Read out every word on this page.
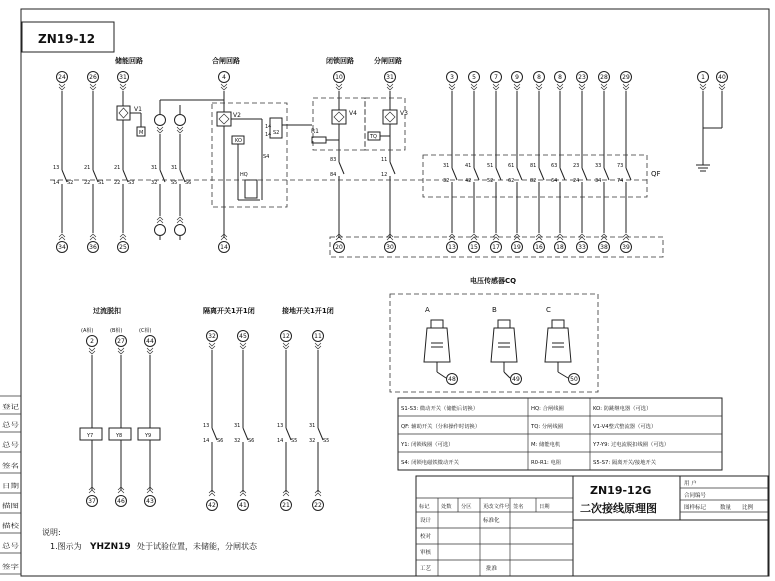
ZN19-12
登记
总号
总号
签名
日期
描图
描校
总号
签字
储能回路	合闸回路	闭锁回路	分闸回路
过流脱扣	隔离开关1开1闭	接地开关1开1闭
电压传感器CQ
24
13
14 S2
34
26
21
22 S1
36
31
21
22 S3
25
V1
M
31
32
31
S5 S6
4
V2
14
KO
HQ
14
14 S2
S4
10
V4
R1
83
84
20
31
V3
TQ
11
12
30
3
31
32
13
5
41
42
15
7
51
52
17
9
61
62
19
8
81
82
16
8
63
64
18
23
23
24
33
28
33
34
38
29
73
74
39
1 40
(A相)
2
Y7
37
(B相)
27
Y8
46
(C相)
44
Y9
43
32
13
14 S6
42
45
31
32 S6
41
12
13
14 S5
21
11
31
32 S5
22
A
48
B
49
C
50
QF
S1-S3: 微动开关（储能后切换）	HQ: 合闸线圈	KO: 防跳继电器（可选）
QF: 辅助开关（分和操作时切换）	TQ: 分闸线圈	V1-V4整式整流器（可选）
Y1: 闭锁线圈（可选）	M: 储能电机	Y7-Y9: 过电流脱扣线圈（可选）
S4: 闭锁电磁铁微动开关	R0-R1: 电阻	S5-S7: 隔离开关/接地开关
说明:
1.图示为 YHZN19 处于试验位置，未储能，分闸状态
ZN19-12G
二次接线原理图
用 户
合同编号
图样标记	数量 比例
标记 处数 分区 更改文件号 签名	日期
设计
校对
审核
工艺
标准化
批准
